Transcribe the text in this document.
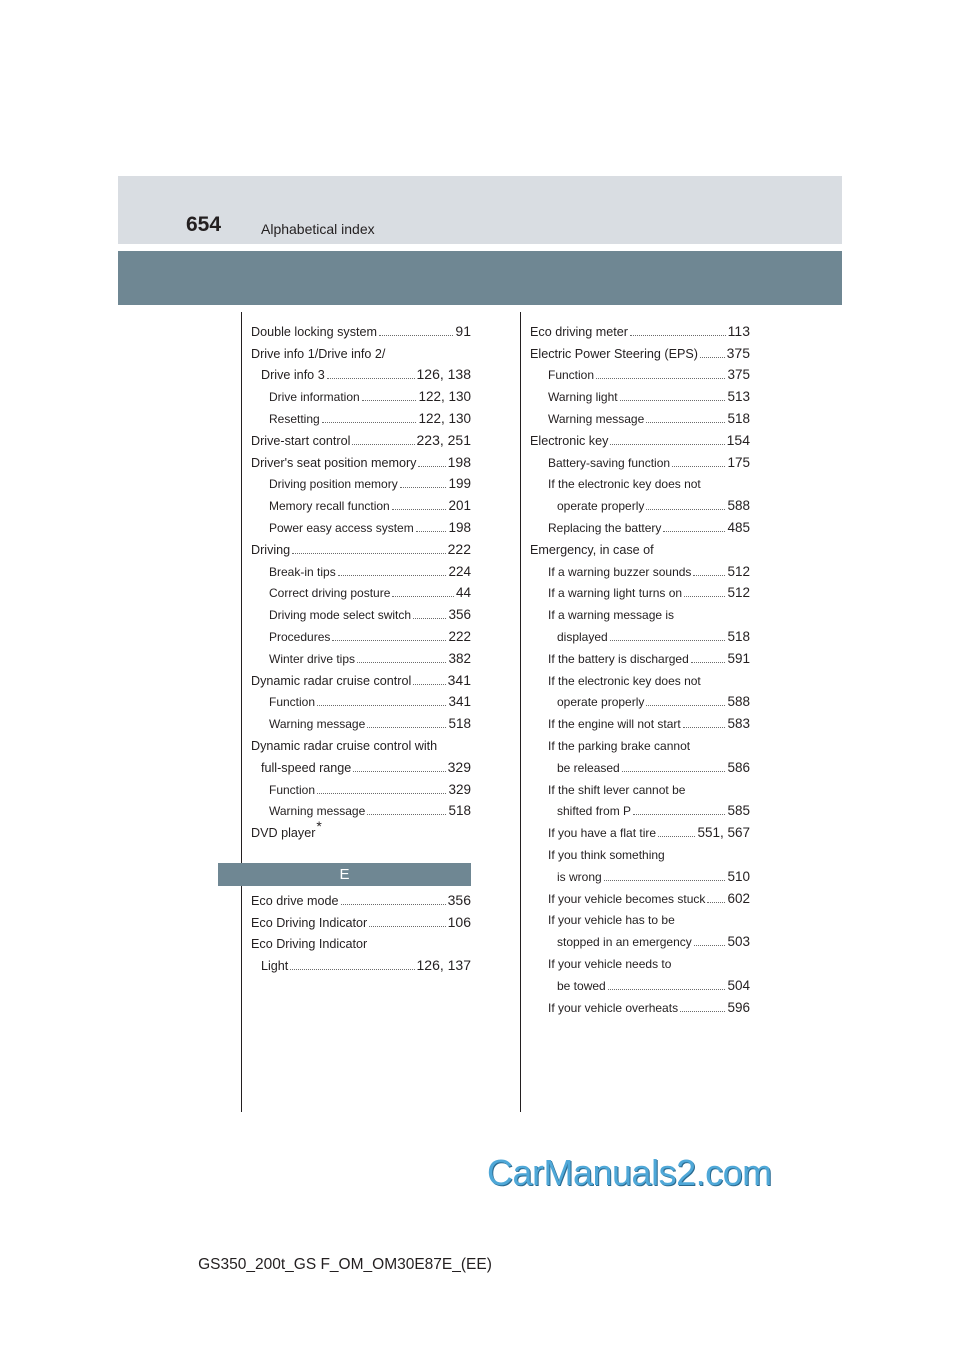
654	Alphabetical index
Double locking system	91
Drive info 1/Drive info 2/
Drive info 3	126, 138
Drive information	122, 130
Resetting	122, 130
Drive-start control	223, 251
Driver's seat position memory 198
Driving position memory	199
Memory recall function	201
Power easy access system	198
Driving	222
Break-in tips	224
Correct driving posture	44
Driving mode select switch	356
Procedures	222
Winter drive tips	382
Dynamic radar cruise control	341
Function	341
Warning message	518
Dynamic radar cruise control with
full-speed range	329
Function	329
Warning message	518
DVD player *
E
Eco drive mode	356
Eco Driving Indicator	106
Eco Driving Indicator
Light	126, 137
Eco driving meter	113
Electric Power Steering (EPS) 375
Function	375
Warning light	513
Warning message	518
Electronic key	154
Battery-saving function	175
If the electronic key does not
operate properly	588
Replacing the battery	485
Emergency, in case of
If a warning buzzer sounds	512
If a warning light turns on	512
If a warning message is
displayed	518
If the battery is discharged	591
If the electronic key does not
operate properly	588
If the engine will not start	583
If the parking brake cannot
be released	586
If the shift lever cannot be
shifted from P	585
If you have a flat tire	551, 567
If you think something
is wrong	510
If your vehicle becomes stuck 602
If your vehicle has to be
stopped in an emergency	503
If your vehicle needs to
be towed	504
If your vehicle overheats	596
CarManuals2.com
GS350_200t_GS F_OM_OM30E87E_(EE)
